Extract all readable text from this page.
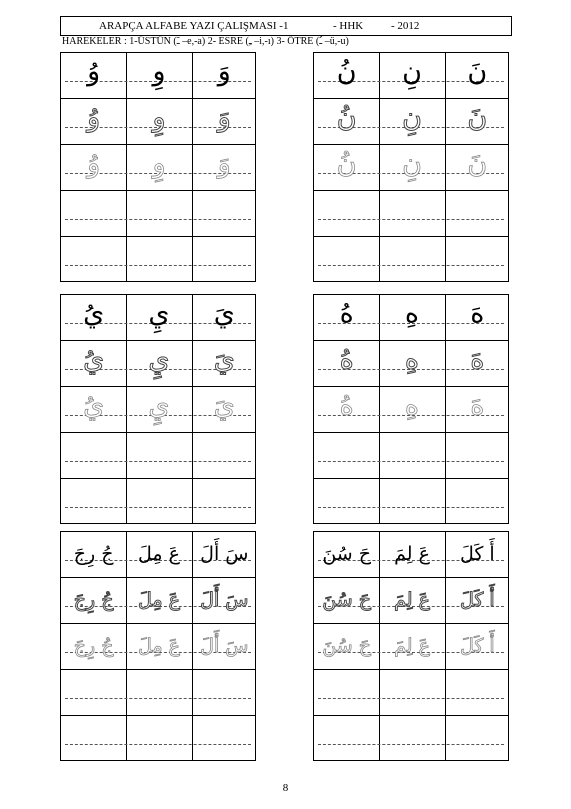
ARAPÇA ALFABE YAZI ÇALIŞMASI -1	- HHK	- 2012
HAREKELER : 1-ÜSTÜN (ـَ –e,-a) 2- ESRE (ـِ –i,-ı) 3- ÖTRE (ـُ –ü,-u)
وَ
وِ
وُ
وَ
وِ
وُ
وَ
وِ
وُ
نَ
نِ
نُ
نَ
نِ
نُ
نَ
نِ
نُ
يَ
يِ
يُ
يَ
يِ
يُ
يَ
يِ
يُ
هَ
هِ
هُ
هَ
هِ
هُ
هَ
هِ
هُ
سَ أَلَ
عَ مِلَ
جُ رِجَ
سَ أَلَ
عَ مِلَ
جُ رِجَ
سَ أَلَ
عَ مِلَ
جُ رِجَ
أَ كَلَ
عَ لِمَ
حَ سُنَ
أَ كَلَ
عَ لِمَ
حَ سُنَ
أَ كَلَ
عَ لِمَ
حَ سُنَ
8
